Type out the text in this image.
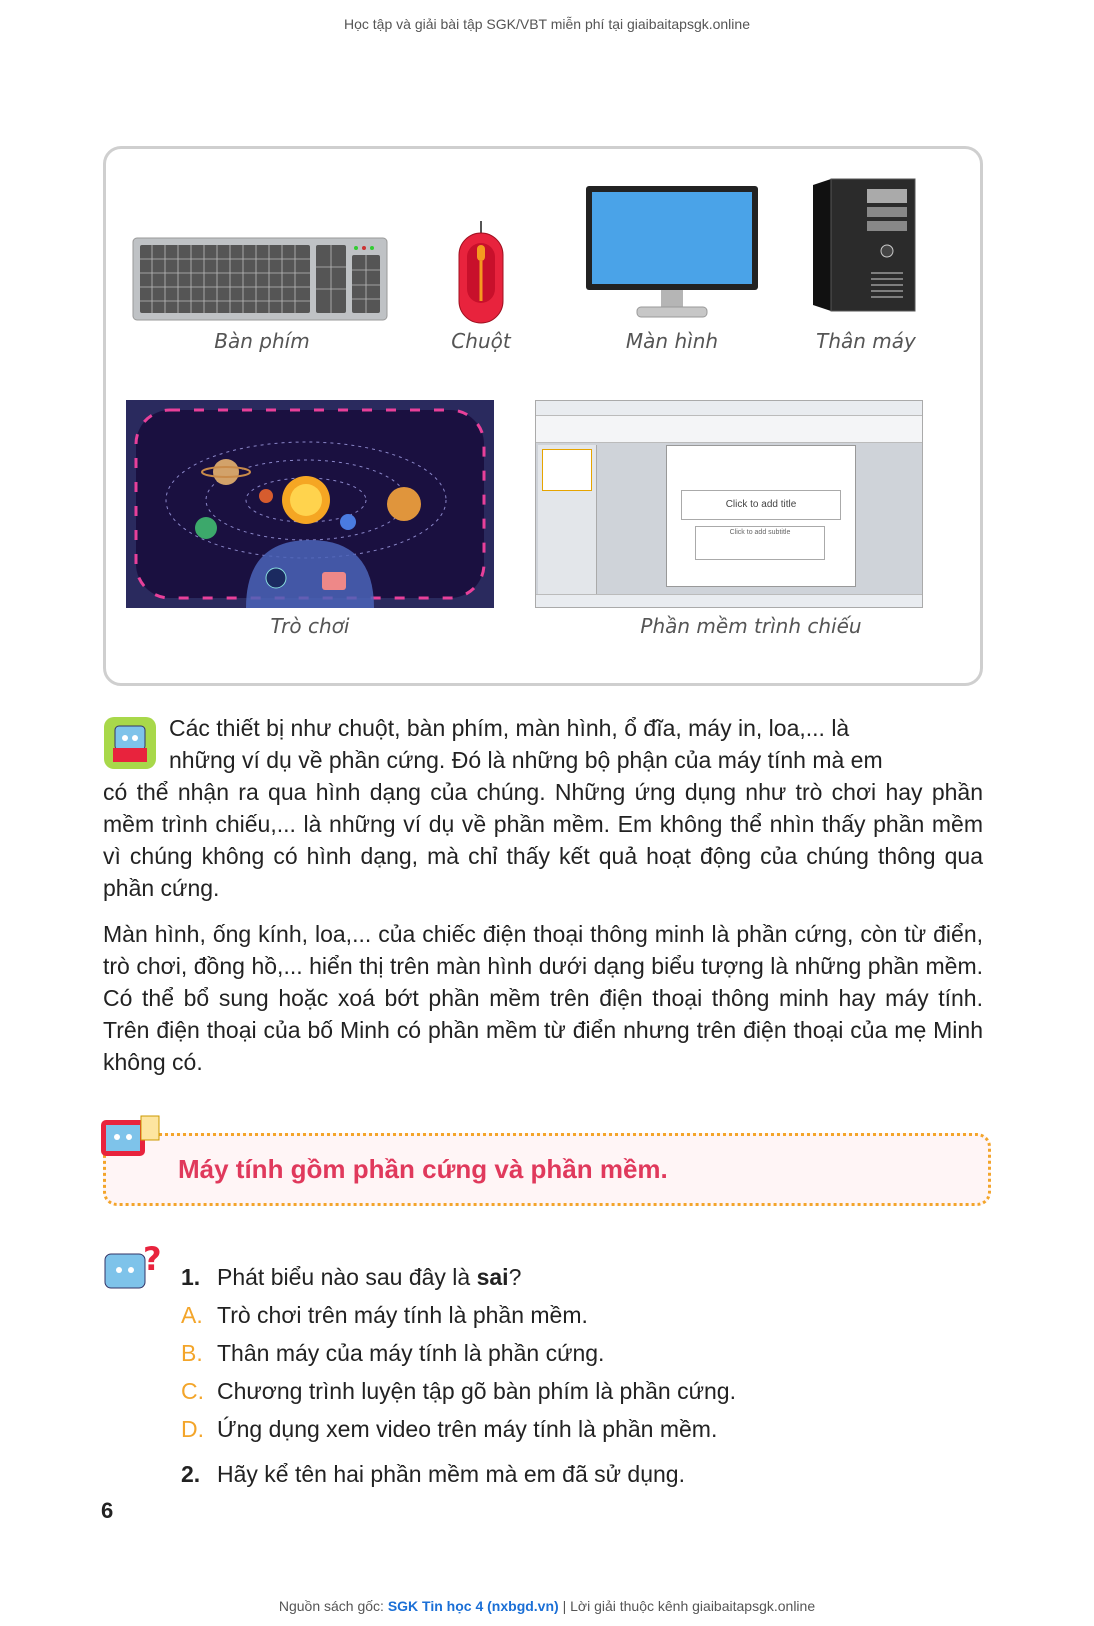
Học tập và giải bài tập SGK/VBT miễn phí tại giaibaitapsgk.online
Bàn phím	Chuột	Màn hình	Thân máy
Trò chơi
Click to add title
Click to add subtitle
Phần mềm trình chiếu

Các thiết bị như chuột, bàn phím, màn hình, ổ đĩa, máy in, loa,... là
những ví dụ về phần cứng. Đó là những bộ phận của máy tính mà em
có thể nhận ra qua hình dạng của chúng. Những ứng dụng như trò chơi hay phần mềm trình chiếu,... là những ví dụ về phần mềm. Em không thể nhìn thấy phần mềm vì chúng không có hình dạng, mà chỉ thấy kết quả hoạt động của chúng thông qua phần cứng.

Màn hình, ống kính, loa,... của chiếc điện thoại thông minh là phần cứng, còn từ điển, trò chơi, đồng hồ,... hiển thị trên màn hình dưới dạng biểu tượng là những phần mềm. Có thể bổ sung hoặc xoá bớt phần mềm trên điện thoại thông minh hay máy tính. Trên điện thoại của bố Minh có phần mềm từ điển nhưng trên điện thoại của mẹ Minh không có.

Máy tính gồm phần cứng và phần mềm.
? 1. Phát biểu nào sau đây là sai?
A. Trò chơi trên máy tính là phần mềm.
B. Thân máy của máy tính là phần cứng.
C. Chương trình luyện tập gõ bàn phím là phần cứng.
D. Ứng dụng xem video trên máy tính là phần mềm.
2. Hãy kể tên hai phần mềm mà em đã sử dụng.
6
Nguồn sách gốc: SGK Tin học 4 (nxbgd.vn) | Lời giải thuộc kênh giaibaitapsgk.online
